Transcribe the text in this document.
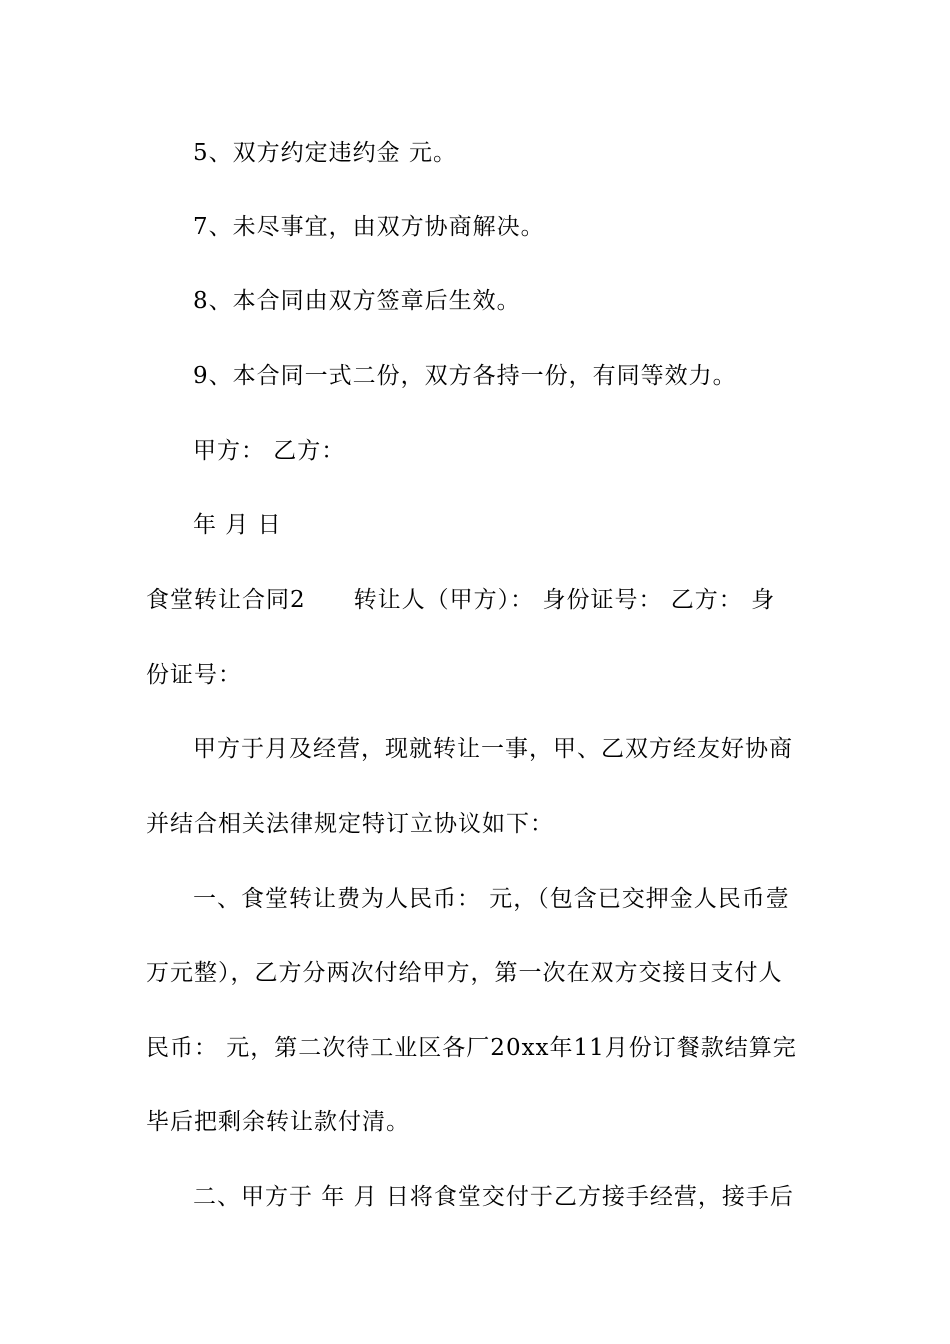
5、双方约定违约金 元。
7、未尽事宜，由双方协商解决。
8、本合同由双方签章后生效。
9、本合同一式二份，双方各持一份，有同等效力。
甲方： 乙方：
年 月 日
食堂转让合同2　　转让人（甲方）： 身份证号： 乙方： 身
份证号：
甲方于月及经营，现就转让一事，甲、乙双方经友好协商
并结合相关法律规定特订立协议如下：
一、食堂转让费为人民币： 元，（包含已交押金人民币壹
万元整），乙方分两次付给甲方，第一次在双方交接日支付人
民币： 元，第二次待工业区各厂20xx年11月份订餐款结算完
毕后把剩余转让款付清。
二、甲方于 年 月 日将食堂交付于乙方接手经营，接手后
